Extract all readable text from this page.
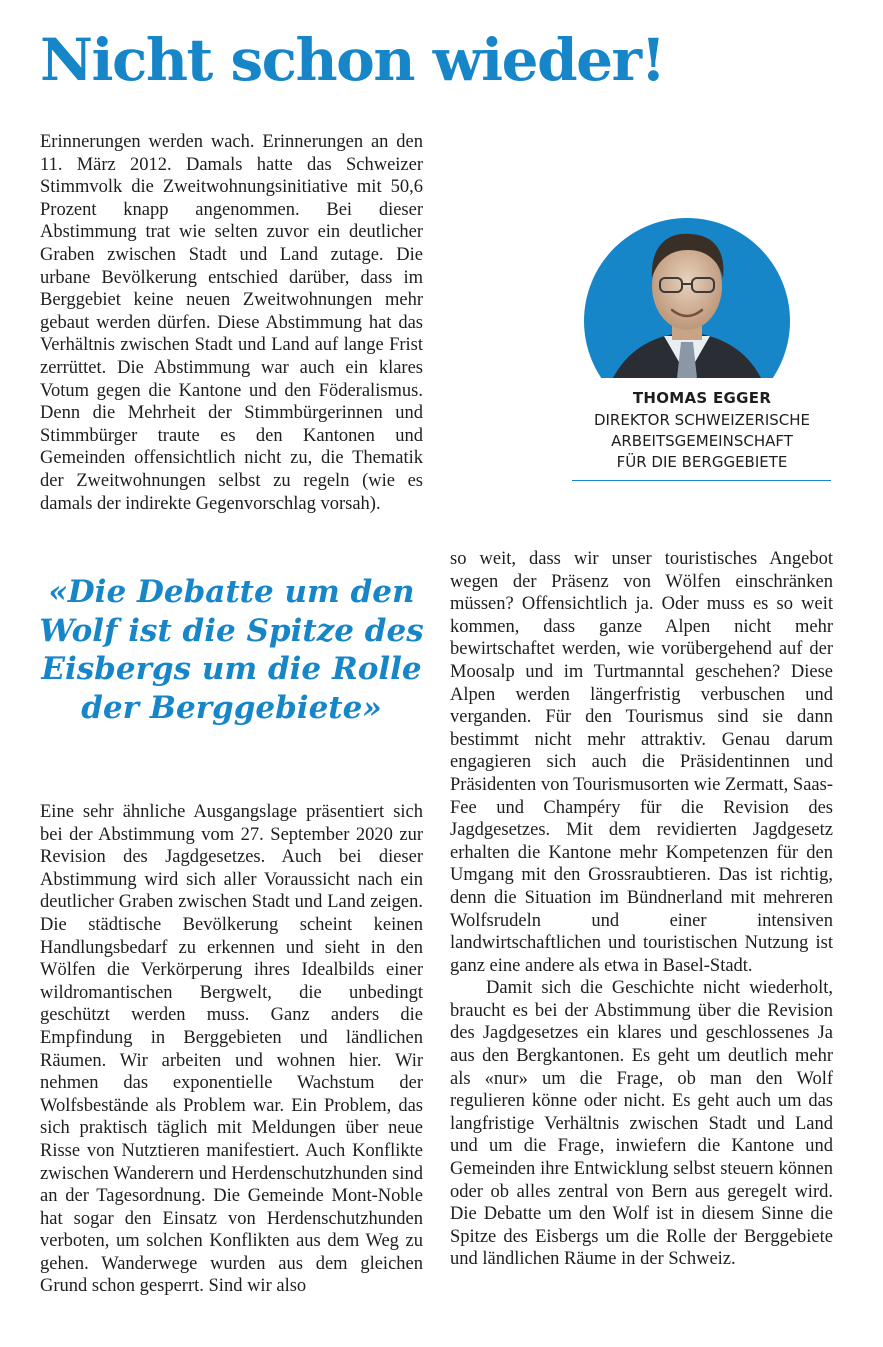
Nicht schon wieder!

Erinnerungen werden wach. Erinnerungen an den 11. März 2012. Damals hatte das Schweizer Stimmvolk die Zweitwohnungsinitiative mit 50,6 Prozent knapp angenommen. Bei dieser Abstimmung trat wie selten zuvor ein deutlicher Graben zwischen Stadt und Land zutage. Die urbane Bevölkerung entschied darüber, dass im Berggebiet keine neuen Zweitwohnungen mehr gebaut werden dürfen. Diese Abstimmung hat das Verhältnis zwischen Stadt und Land auf lange Frist zerrüttet. Die Abstimmung war auch ein klares Votum gegen die Kantone und den Föderalismus. Denn die Mehrheit der Stimmbürgerinnen und Stimmbürger traute es den Kantonen und Gemeinden offensichtlich nicht zu, die Thematik der Zweitwohnungen selbst zu regeln (wie es damals der indirekte Gegenvorschlag vorsah).

«Die Debatte um den Wolf ist die Spitze des Eisbergs um die Rolle der Berggebiete»

Eine sehr ähnliche Ausgangslage präsentiert sich bei der Abstimmung vom 27. September 2020 zur Revision des Jagdgesetzes. Auch bei dieser Abstimmung wird sich aller Voraussicht nach ein deutlicher Graben zwischen Stadt und Land zeigen. Die städtische Bevölkerung scheint keinen Handlungsbedarf zu erkennen und sieht in den Wölfen die Verkörperung ihres Idealbilds einer wildromantischen Bergwelt, die unbedingt geschützt werden muss. Ganz anders die Empfindung in Berggebieten und ländlichen Räumen. Wir arbeiten und wohnen hier. Wir nehmen das exponentielle Wachstum der Wolfsbestände als Problem war. Ein Problem, das sich praktisch täglich mit Meldungen über neue Risse von Nutztieren manifestiert. Auch Konflikte zwischen Wanderern und Herdenschutzhunden sind an der Tagesordnung. Die Gemeinde Mont-Noble hat sogar den Einsatz von Herdenschutzhunden verboten, um solchen Konflikten aus dem Weg zu gehen. Wanderwege wurden aus dem gleichen Grund schon gesperrt. Sind wir also

so weit, dass wir unser touristisches Angebot wegen der Präsenz von Wölfen einschränken müssen? Offensichtlich ja. Oder muss es so weit kommen, dass ganze Alpen nicht mehr bewirtschaftet werden, wie vorübergehend auf der Moosalp und im Turtmanntal geschehen? Diese Alpen werden längerfristig verbuschen und verganden. Für den Tourismus sind sie dann bestimmt nicht mehr attraktiv. Genau darum engagieren sich auch die Präsidentinnen und Präsidenten von Tourismusorten wie Zermatt, Saas-Fee und Champéry für die Revision des Jagdgesetzes. Mit dem revidierten Jagdgesetz erhalten die Kantone mehr Kompetenzen für den Umgang mit den Grossraubtieren. Das ist richtig, denn die Situation im Bündnerland mit mehreren Wolfsrudeln und einer intensiven landwirtschaftlichen und touristischen Nutzung ist ganz eine andere als etwa in Basel-Stadt.

Damit sich die Geschichte nicht wiederholt, braucht es bei der Abstimmung über die Revision des Jagdgesetzes ein klares und geschlossenes Ja aus den Bergkantonen. Es geht um deutlich mehr als «nur» um die Frage, ob man den Wolf regulieren könne oder nicht. Es geht auch um das langfristige Verhältnis zwischen Stadt und Land und um die Frage, inwiefern die Kantone und Gemeinden ihre Entwicklung selbst steuern können oder ob alles zentral von Bern aus geregelt wird. Die Debatte um den Wolf ist in diesem Sinne die Spitze des Eisbergs um die Rolle der Berggebiete und ländlichen Räume in der Schweiz.

THOMAS EGGER
DIREKTOR SCHWEIZERISCHE
ARBEITSGEMEINSCHAFT
FÜR DIE BERGGEBIETE
